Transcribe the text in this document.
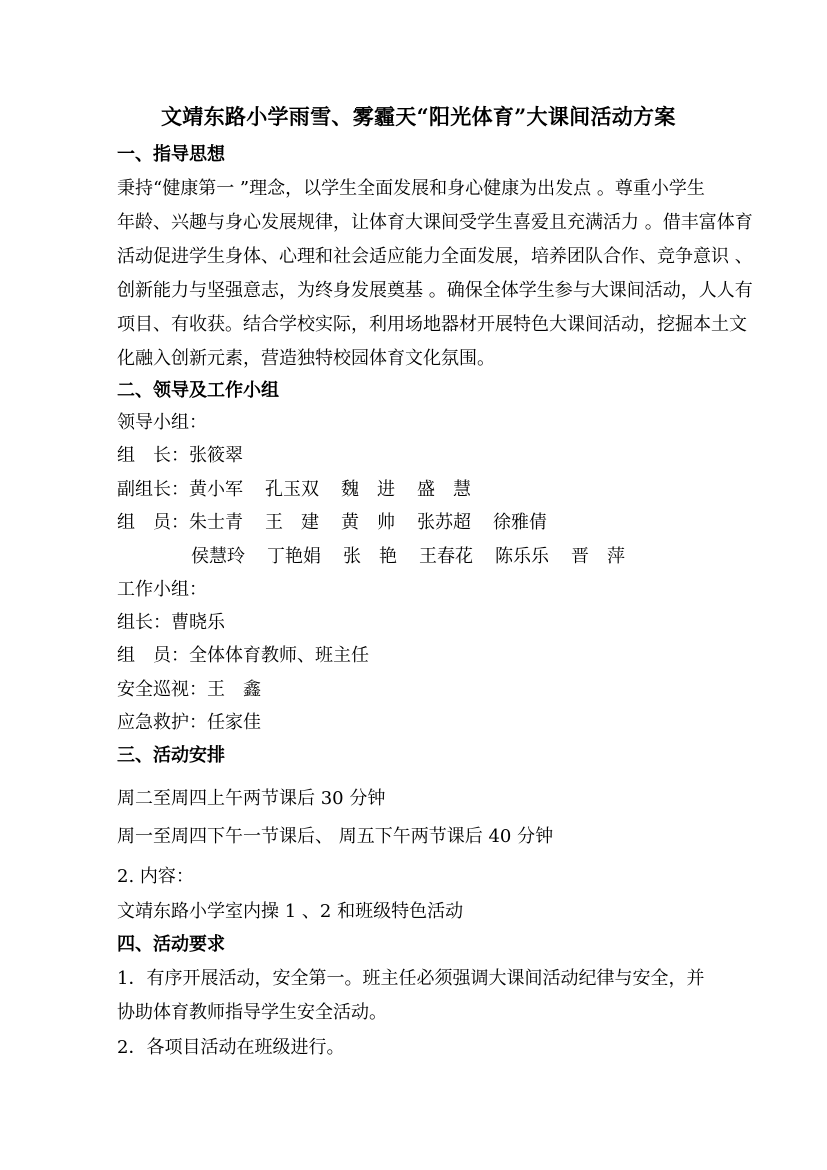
文靖东路小学雨雪、雾霾天“阳光体育”大课间活动方案
一、指导思想
秉持“健康第一 ”理念，以学生全面发展和身心健康为出发点 。尊重小学生
年龄、兴趣与身心发展规律，让体育大课间受学生喜爱且充满活力 。借丰富体育
活动促进学生身体、心理和社会适应能力全面发展，培养团队合作、竞争意识 、
创新能力与坚强意志，为终身发展奠基 。确保全体学生参与大课间活动，人人有
项目、有收获。结合学校实际，利用场地器材开展特色大课间活动，挖掘本土文
化融入创新元素，营造独特校园体育文化氛围。
二、领导及工作小组
领导小组：
组　长：张筱翠
副组长：黄小军 孔玉双 魏　进 盛　慧
组　员：朱士青 王　建 黄　帅 张苏超 徐雅倩
侯慧玲 丁艳娟 张　艳 王春花 陈乐乐 晋　萍
工作小组：
组长：曹晓乐
组　员：全体体育教师、班主任
安全巡视：王　鑫
应急救护：任家佳
三、活动安排
周二至周四上午两节课后 30 分钟
周一至周四下午一节课后、 周五下午两节课后 40 分钟
2. 内容：
文靖东路小学室内操 1 、2 和班级特色活动
四、活动要求
1．有序开展活动，安全第一。班主任必须强调大课间活动纪律与安全，并
协助体育教师指导学生安全活动。
2．各项目活动在班级进行。
